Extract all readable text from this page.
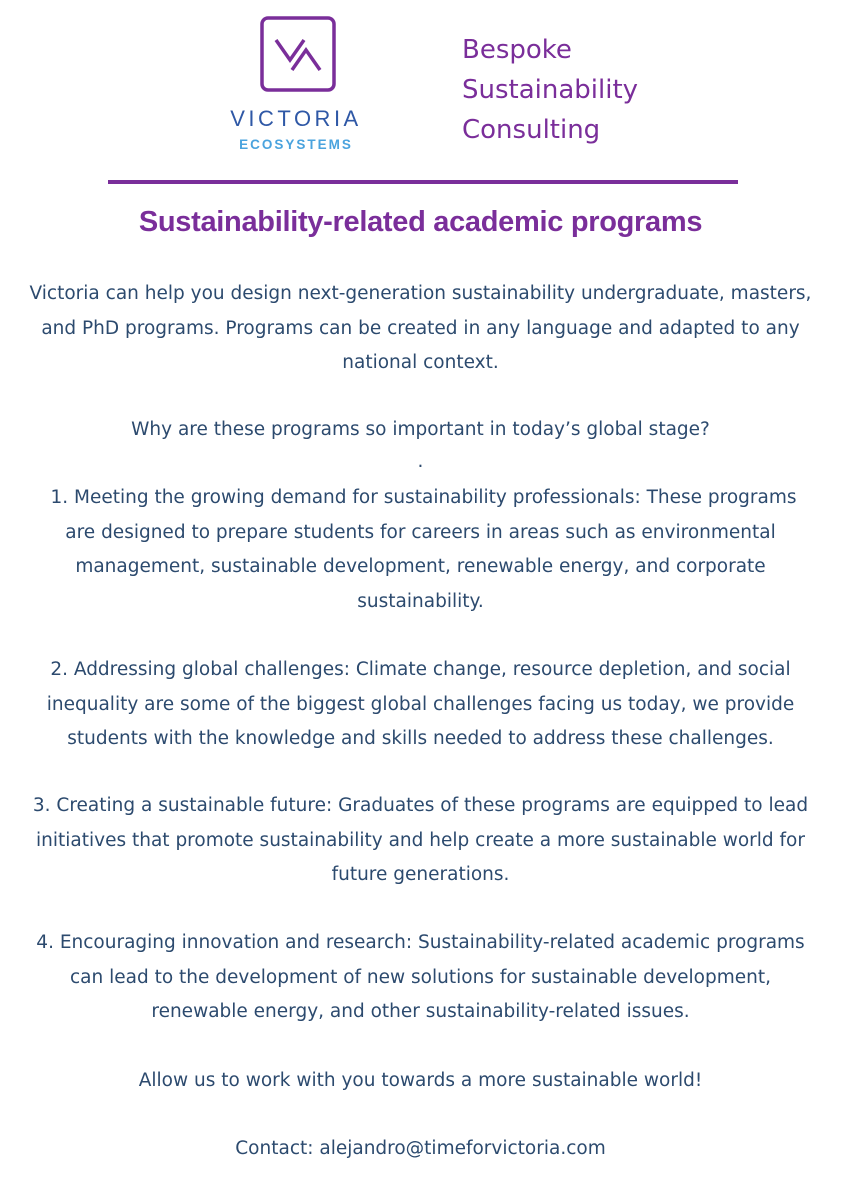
VICTORIA
ECOSYSTEMS
Bespoke
Sustainability
Consulting
Sustainability-related academic programs
Victoria can help you design next-generation sustainability undergraduate, masters,
and PhD programs. Programs can be created in any language and adapted to any
national context.
Why are these programs so important in today’s global stage?
.
1. Meeting the growing demand for sustainability professionals: These programs
are designed to prepare students for careers in areas such as environmental
management, sustainable development, renewable energy, and corporate
sustainability.
2. Addressing global challenges: Climate change, resource depletion, and social
inequality are some of the biggest global challenges facing us today, we provide
students with the knowledge and skills needed to address these challenges.
3. Creating a sustainable future: Graduates of these programs are equipped to lead
initiatives that promote sustainability and help create a more sustainable world for
future generations.
4. Encouraging innovation and research: Sustainability-related academic programs
can lead to the development of new solutions for sustainable development,
renewable energy, and other sustainability-related issues.
Allow us to work with you towards a more sustainable world!
Contact: alejandro@timeforvictoria.com
